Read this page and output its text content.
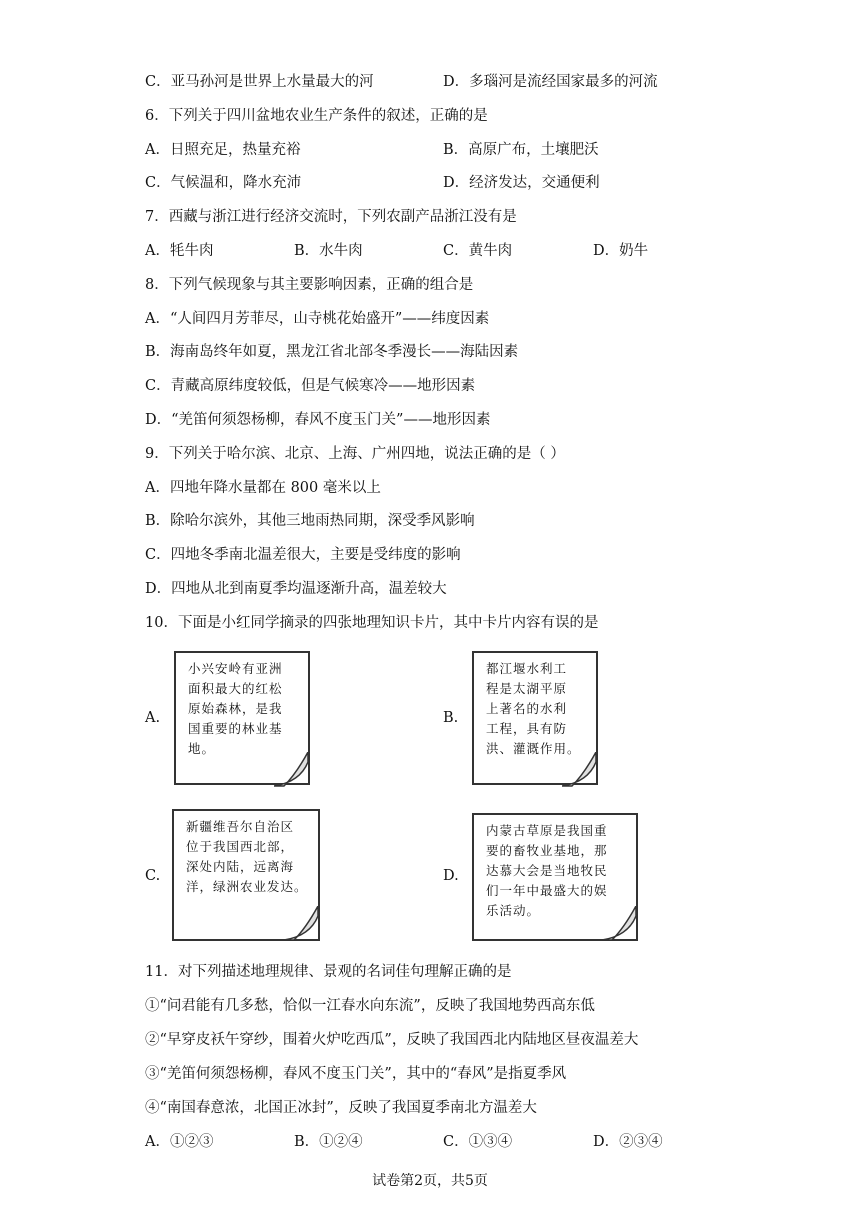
C．亚马孙河是世界上水量最大的河	D．多瑙河是流经国家最多的河流
6．下列关于四川盆地农业生产条件的叙述，正确的是
A．日照充足，热量充裕	B．高原广布，土壤肥沃
C．气候温和，降水充沛	D．经济发达，交通便利
7．西藏与浙江进行经济交流时，下列农副产品浙江没有是
A．牦牛肉	B．水牛肉	C．黄牛肉	D．奶牛
8．下列气候现象与其主要影响因素，正确的组合是
A．“人间四月芳菲尽，山寺桃花始盛开”——纬度因素
B．海南岛终年如夏，黑龙江省北部冬季漫长——海陆因素
C．青藏高原纬度较低，但是气候寒冷——地形因素
D．“羌笛何须怨杨柳，春风不度玉门关”——地形因素
9．下列关于哈尔滨、北京、上海、广州四地，说法正确的是（ ）
A．四地年降水量都在 800 毫米以上
B．除哈尔滨外，其他三地雨热同期，深受季风影响
C．四地冬季南北温差很大，主要是受纬度的影响
D．四地从北到南夏季均温逐渐升高，温差较大
10．下面是小红同学摘录的四张地理知识卡片，其中卡片内容有误的是
A.
小兴安岭有亚洲
面积最大的红松
原始森林，是我
国重要的林业基
地。
B.
都江堰水利工
程是太湖平原
上著名的水利
工程，具有防
洪、灌溉作用。
C.
新疆维吾尔自治区
位于我国西北部，
深处内陆，远离海
洋，绿洲农业发达。
D.
内蒙古草原是我国重
要的畜牧业基地，那
达慕大会是当地牧民
们一年中最盛大的娱
乐活动。
11．对下列描述地理规律、景观的名词佳句理解正确的是
①“问君能有几多愁，恰似一江春水向东流”，反映了我国地势西高东低
②“早穿皮袄午穿纱，围着火炉吃西瓜”，反映了我国西北内陆地区昼夜温差大
③“羌笛何须怨杨柳，春风不度玉门关”，其中的“春风”是指夏季风
④“南国春意浓，北国正冰封”，反映了我国夏季南北方温差大
A．①②③	B．①②④	C．①③④	D．②③④
试卷第2页，共5页
